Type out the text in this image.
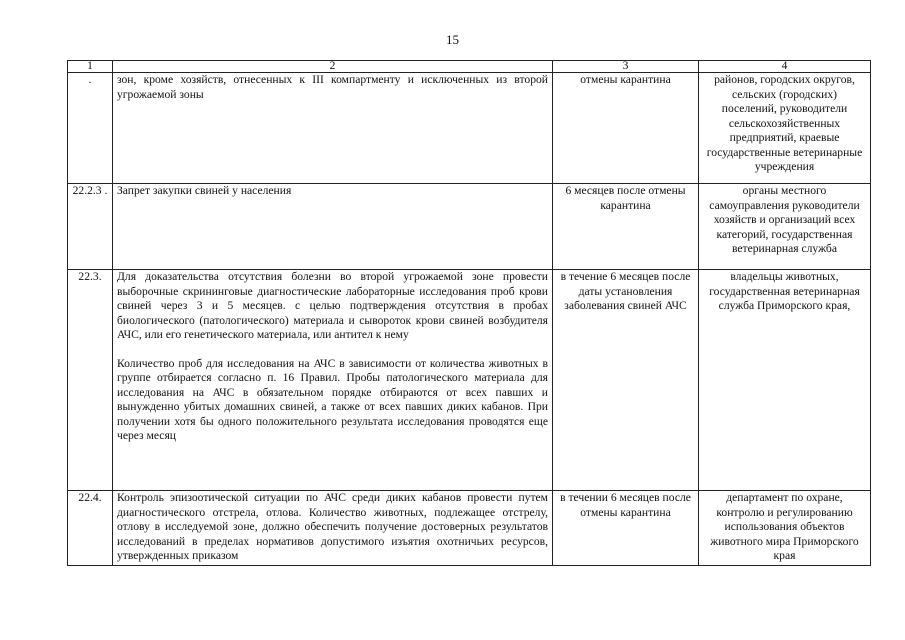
15
1	2	3	4
.	зон, кроме хозяйств, отнесенных к III компартменту и исключенных из второй угрожаемой зоны	отмены карантина	районов, городских округов, сельских (городских) поселений, руководители сельскохозяйственных предприятий, краевые государственные ветеринарные учреждения
22.2.3 .	Запрет закупки свиней у населения	6 месяцев после отмены карантина	органы местного самоуправления руководители хозяйств и организаций всех категорий, государственная ветеринарная служба
22.3.	Для доказательства отсутствия болезни во второй угрожаемой зоне провести выборочные скрининговые диагностические лабораторные исследования проб крови свиней через 3 и 5 месяцев. с целью подтверждения отсутствия в пробах биологического (патологического) материала и сывороток крови свиней возбудителя АЧС, или его генетического материала, или антител к нему
Количество проб для исследования на АЧС в зависимости от количества животных в группе отбирается согласно п. 16 Правил. Пробы патологического материала для исследования на АЧС в обязательном порядке отбираются от всех павших и вынужденно убитых домашних свиней, а также от всех павших диких кабанов. При получении хотя бы одного положительного результата исследования проводятся еще через месяц	в течение 6 месяцев после даты установления заболевания свиней АЧС	владельцы животных, государственная ветеринарная служба Приморского края,
22.4.	Контроль эпизоотической ситуации по АЧС среди диких кабанов провести путем диагностического отстрела, отлова. Количество животных, подлежащее отстрелу, отлову в исследуемой зоне, должно обеспечить получение достоверных результатов исследований в пределах нормативов допустимого изъятия охотничьих ресурсов, утвержденных приказом	в течении 6 месяцев после отмены карантина	департамент по охране, контролю и регулированию использования объектов животного мира Приморского края
